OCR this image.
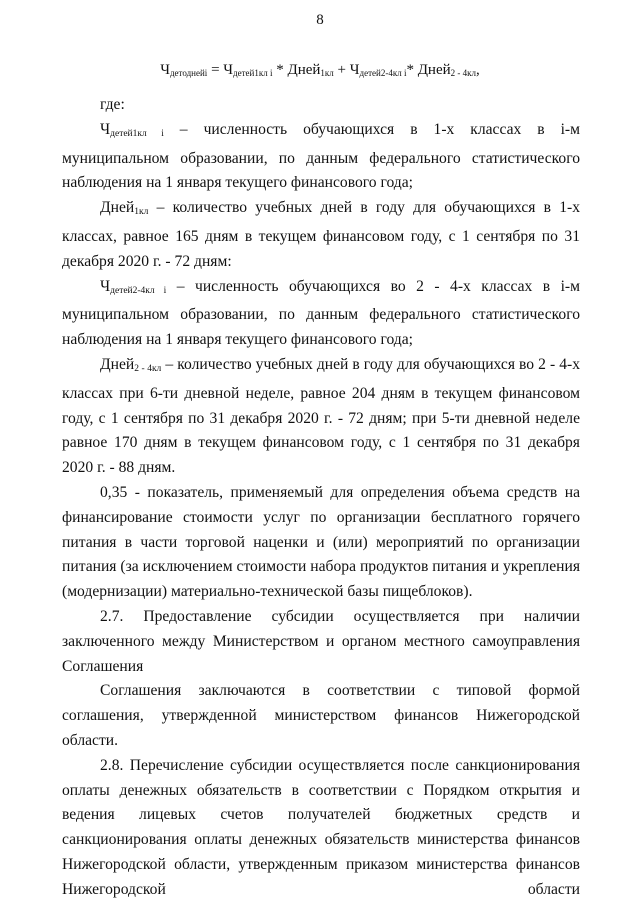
8
$Ч_{детоднейi} = Ч_{детей1кл i}$ * Дней$_{1кл}$ + $Ч_{детей2-4кл i}*$ Дней$_{2 - 4кл}$,

где:

$Ч_{детей1кл i}$ – численность обучающихся в 1-х классах в i-м муниципальном образовании, по данным федерального статистического наблюдения на 1 января текущего финансового года;

Дней$_{1кл}$ – количество учебных дней в году для обучающихся в 1-х классах, равное 165 дням в текущем финансовом году, с 1 сентября по 31 декабря 2020 г. - 72 дням:

$Ч_{детей2-4кл i}$ – численность обучающихся во 2 - 4-х классах в i-м муниципальном образовании, по данным федерального статистического наблюдения на 1 января текущего финансового года;

Дней$_{2 - 4кл}$ – количество учебных дней в году для обучающихся во 2 - 4-х классах при 6-ти дневной неделе, равное 204 дням в текущем финансовом году, с 1 сентября по 31 декабря 2020 г. - 72 дням; при 5-ти дневной неделе равное 170 дням в текущем финансовом году, с 1 сентября по 31 декабря 2020 г. - 88 дням.

0,35 - показатель, применяемый для определения объема средств на финансирование стоимости услуг по организации бесплатного горячего питания в части торговой наценки и (или) мероприятий по организации питания (за исключением стоимости набора продуктов питания и укрепления (модернизации) материально-технической базы пищеблоков).

2.7. Предоставление субсидии осуществляется при наличии заключенного между Министерством и органом местного самоуправления Соглашения

Соглашения заключаются в соответствии с типовой формой соглашения, утвержденной министерством финансов Нижегородской области.

2.8. Перечисление субсидии осуществляется после санкционирования оплаты денежных обязательств в соответствии с Порядком открытия и ведения лицевых счетов получателей бюджетных средств и санкционирования оплаты денежных обязательств министерства финансов Нижегородской области, утвержденным приказом министерства финансов Нижегородской области
